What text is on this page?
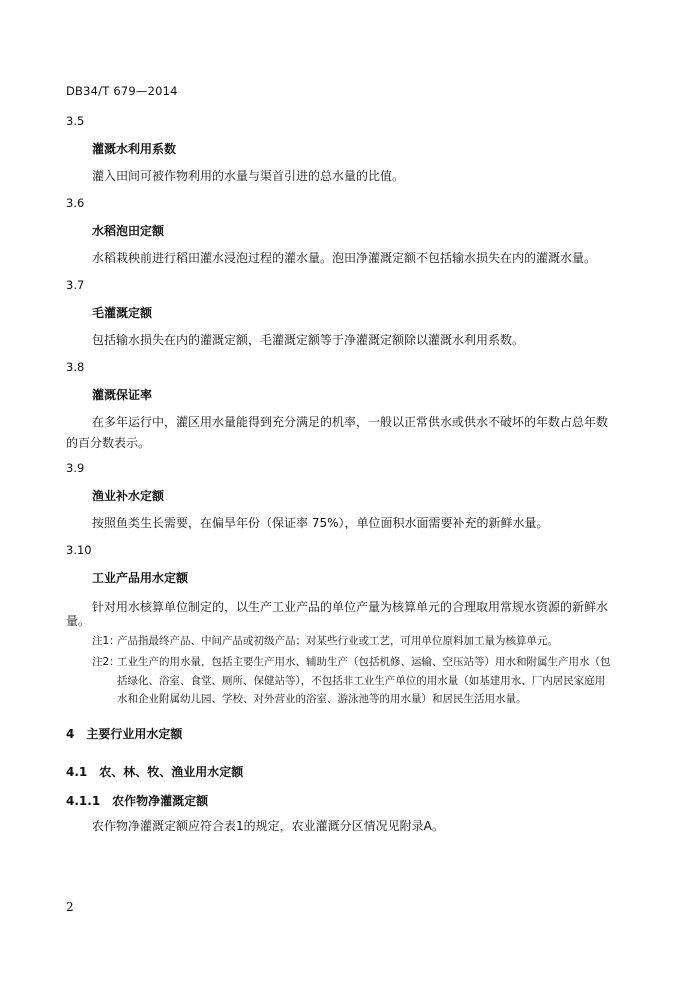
DB34/T 679—2014
3.5
灌溉水利用系数
灌入田间可被作物利用的水量与渠首引进的总水量的比值。
3.6
水稻泡田定额
水稻栽秧前进行稻田灌水浸泡过程的灌水量。泡田净灌溉定额不包括输水损失在内的灌溉水量。
3.7
毛灌溉定额
包括输水损失在内的灌溉定额，毛灌溉定额等于净灌溉定额除以灌溉水利用系数。
3.8
灌溉保证率
在多年运行中，灌区用水量能得到充分满足的机率，一般以正常供水或供水不破坏的年数占总年数
的百分数表示。
3.9
渔业补水定额
按照鱼类生长需要，在偏旱年份（保证率 75%），单位面积水面需要补充的新鲜水量。
3.10
工业产品用水定额
针对用水核算单位制定的，以生产工业产品的单位产量为核算单元的合理取用常规水资源的新鲜水
量。
注1：
产品指最终产品、中间产品或初级产品；对某些行业或工艺，可用单位原料加工量为核算单元。
注2：
工业生产的用水量，包括主要生产用水、辅助生产（包括机修、运输、空压站等）用水和附属生产用水（包
括绿化、浴室、食堂、厕所、保健站等），不包括非工业生产单位的用水量（如基建用水、厂内居民家庭用
水和企业附属幼儿园、学校、对外营业的浴室、游泳池等的用水量）和居民生活用水量。
4　主要行业用水定额
4.1　农、林、牧、渔业用水定额
4.1.1　农作物净灌溉定额
农作物净灌溉定额应符合表1的规定，农业灌溉分区情况见附录A。
2
